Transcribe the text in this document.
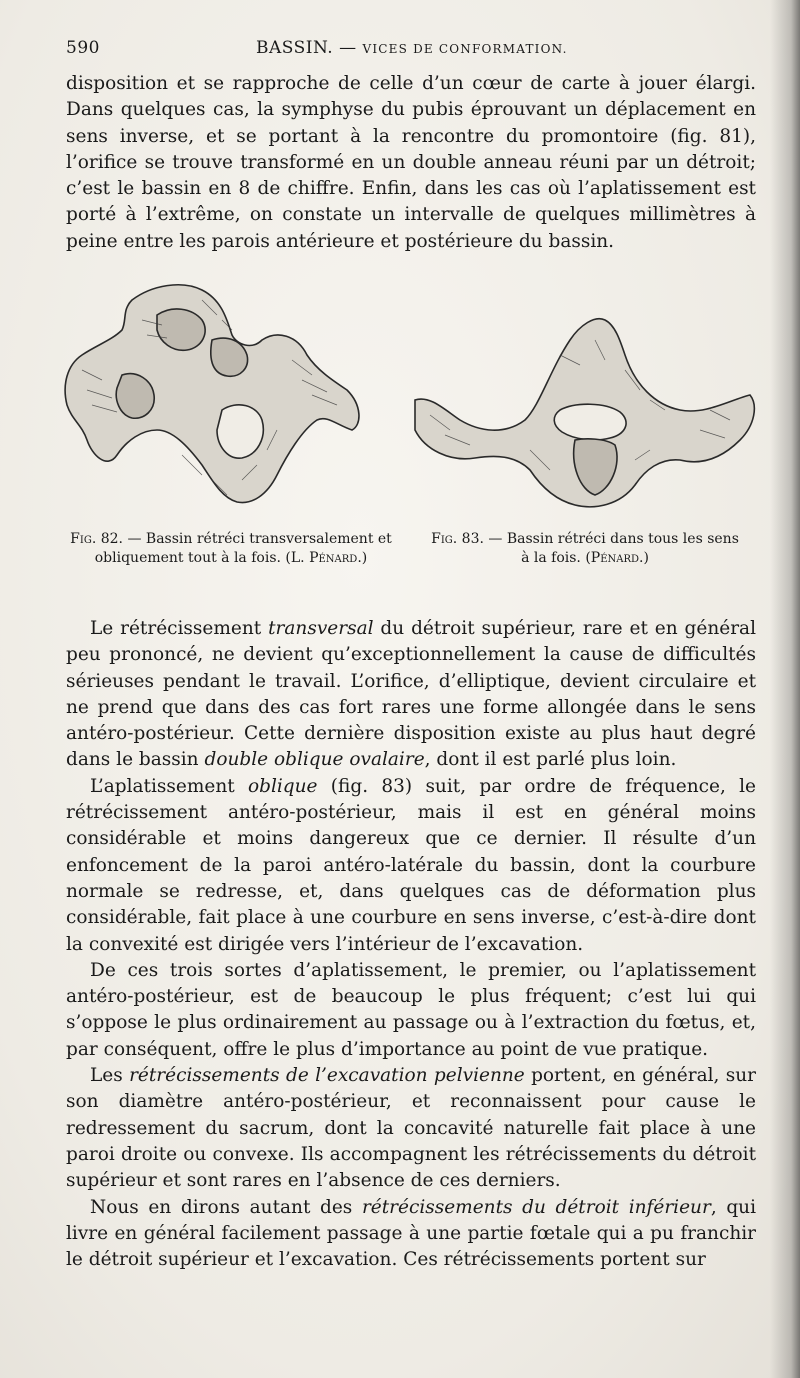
590	BASSIN. — VICES DE CONFORMATION.

disposition et se rapproche de celle d’un cœur de carte à jouer élargi. Dans quelques cas, la symphyse du pubis éprouvant un déplacement en sens inverse, et se portant à la rencontre du promontoire (fig. 81), l’orifice se trouve transformé en un double anneau réuni par un détroit; c’est le bassin en 8 de chiffre. Enfin, dans les cas où l’aplatissement est porté à l’extrême, on constate un intervalle de quelques millimètres à peine entre les parois antérieure et postérieure du bassin.

Fig. 82. — Bassin rétréci transversalement et obliquement tout à la fois. (L. Pénard.)
Fig. 83. — Bassin rétréci dans tous les sens à la fois. (Pénard.)

Le rétrécissement transversal du détroit supérieur, rare et en général peu prononcé, ne devient qu’exceptionnellement la cause de difficultés sérieuses pendant le travail. L’orifice, d’elliptique, devient circulaire et ne prend que dans des cas fort rares une forme allongée dans le sens antéro-postérieur. Cette dernière disposition existe au plus haut degré dans le bassin double oblique ovalaire, dont il est parlé plus loin.

L’aplatissement oblique (fig. 83) suit, par ordre de fréquence, le rétrécissement antéro-postérieur, mais il est en général moins considérable et moins dangereux que ce dernier. Il résulte d’un enfoncement de la paroi antéro-latérale du bassin, dont la courbure normale se redresse, et, dans quelques cas de déformation plus considérable, fait place à une courbure en sens inverse, c’est-à-dire dont la convexité est dirigée vers l’intérieur de l’excavation.

De ces trois sortes d’aplatissement, le premier, ou l’aplatissement antéro-postérieur, est de beaucoup le plus fréquent; c’est lui qui s’oppose le plus ordinairement au passage ou à l’extraction du fœtus, et, par conséquent, offre le plus d’importance au point de vue pratique.

Les rétrécissements de l’excavation pelvienne portent, en général, sur son diamètre antéro-postérieur, et reconnaissent pour cause le redressement du sacrum, dont la concavité naturelle fait place à une paroi droite ou convexe. Ils accompagnent les rétrécissements du détroit supérieur et sont rares en l’absence de ces derniers.

Nous en dirons autant des rétrécissements du détroit inférieur, qui livre en général facilement passage à une partie fœtale qui a pu franchir le détroit supérieur et l’excavation. Ces rétrécissements portent sur
